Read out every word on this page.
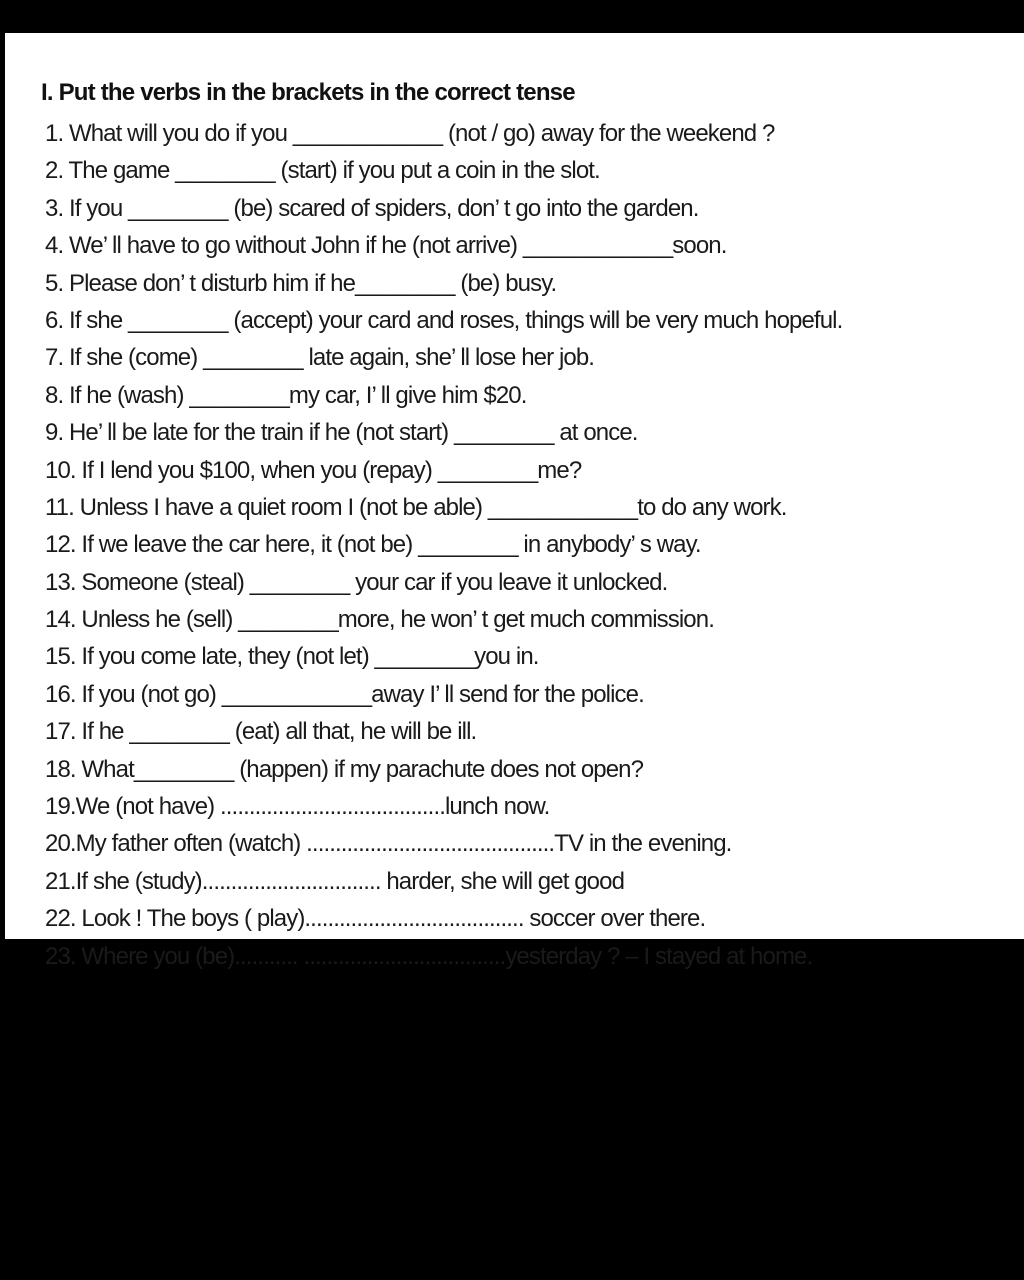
I. Put the verbs in the brackets in the correct tense
1. What will you do if you ____________ (not / go) away for the weekend ?
2. The game ________ (start) if you put a coin in the slot.
3. If you ________ (be) scared of spiders, don’ t go into the garden.
4. We’ ll have to go without John if he (not arrive) ____________soon.
5. Please don’ t disturb him if he________ (be) busy.
6. If she ________ (accept) your card and roses, things will be very much hopeful.
7. If she (come) ________ late again, she’ ll lose her job.
8. If he (wash) ________my car, I’ ll give him $20.
9. He’ ll be late for the train if he (not start) ________ at once.
10. If I lend you $100, when you (repay) ________me?
11. Unless I have a quiet room I (not be able) ____________to do any work.
12. If we leave the car here, it (not be) ________ in anybody’ s way.
13. Someone (steal) ________ your car if you leave it unlocked.
14. Unless he (sell) ________more, he won’ t get much commission.
15. If you come late, they (not let) ________you in.
16. If you (not go) ____________away I’ ll send for the police.
17. If he ________ (eat) all that, he will be ill.
18. What________ (happen) if my parachute does not open?
19.We (not have) .......................................lunch now.
20.My father often (watch) ...........................................TV in the evening.
21.If she (study)............................... harder, she will get good
22. Look ! The boys ( play)...................................... soccer over there.
23. Where you (be)........... ...................................yesterday ? – I stayed at home.
